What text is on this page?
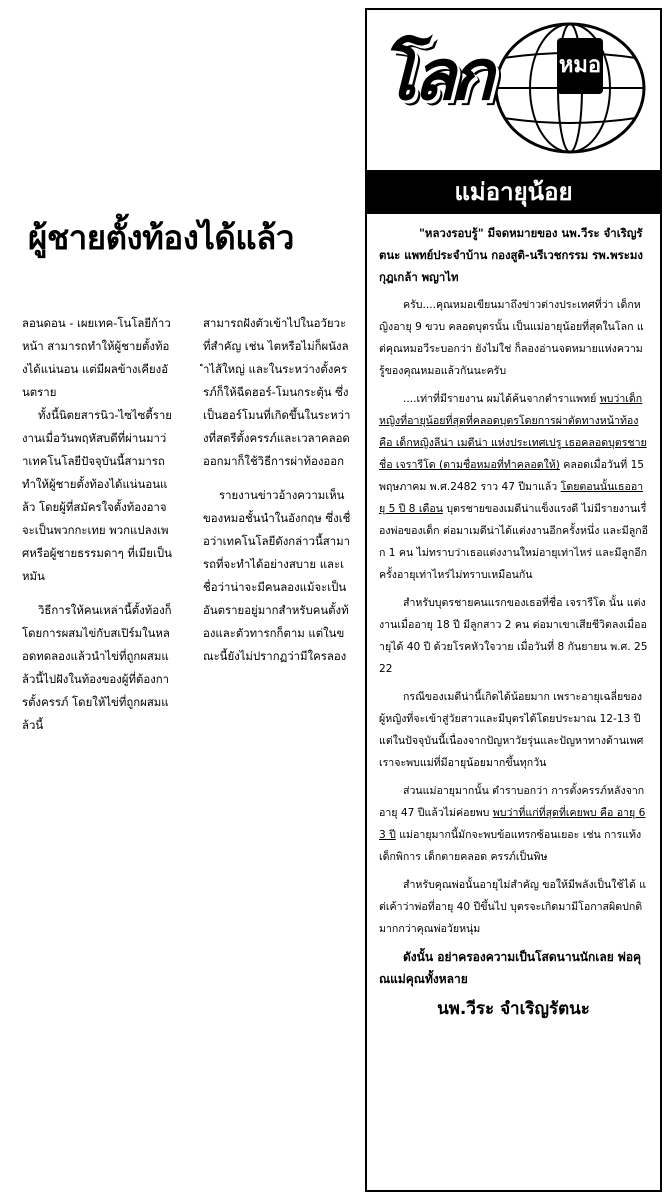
ผู้ชายตั้งท้องได้แล้ว

ลอนดอน - เผยเทค-โนโลยีก้าวหน้า สามารถทำให้ผู้ชายตั้งท้องได้แน่นอน แต่มีผลข้างเคียงอันตราย

ทั้งนี้นิตยสารนิว-ไซไซตี้รายงานเมื่อวันพฤหัสบดีที่ผ่านมาว่าเทคโนโลยีปัจจุบันนี้สามารถทำให้ผู้ชายตั้งท้องได้แน่นอนแล้ว โดยผู้ที่สมัครใจตั้งท้องอาจจะเป็นพวกกะเทย พวกแปลงเพศหรือผู้ชายธรรมดาๆ ที่เมียเป็นหมัน

วิธีการให้คนเหล่านี้ตั้งท้องก็โดยการผสมไข่กับสเปิร์มในหลอดทดลองแล้วนำไข่ที่ถูกผสมแล้วนี้ไปฝังในท้องของผู้ที่ต้องการตั้งครรภ์ โดยให้ไข่ที่ถูกผสมแล้วนี้

สามารถฝังตัวเข้าไปในอวัยวะที่สำคัญ เช่น ไตหรือไม่ก็ผนังลำไส้ใหญ่ และในระหว่างตั้งครรภ์ก็ให้ฉีดฮอร์-โมนกระตุ้น ซึ่งเป็นฮอร์โมนที่เกิดขึ้นในระหว่างที่สตรีตั้งครรภ์และเวลาคลอดออกมาก็ใช้วิธีการผ่าท้องออก

รายงานข่าวอ้างความเห็นของหมอชั้นนำในอังกฤษ ซึ่งเชื่อว่าเทคโนโลยีดังกล่าวนี้สามารถที่จะทำได้อย่างสบาย และเชื่อว่าน่าจะมีคนลองแม้จะเป็นอันตรายอยู่มากสำหรับคนตั้งท้องและตัวทารกก็ตาม แต่ในขณะนี้ยังไม่ปรากฏว่ามีใครลอง

โลก	หมอ
แม่อายุน้อย

"หลวงรอบรู้" มีจดหมายของ นพ.วีระ จำเริญรัตนะ แพทย์ประจำบ้าน กองสูติ-นรีเวชกรรม รพ.พระมงกุฎเกล้า พญาไท

ครับ....คุณหมอเขียนมาถึงข่าวต่างประเทศที่ว่า เด็กหญิงอายุ 9 ขวบ คลอดบุตรนั้น เป็นแม่อายุน้อยที่สุดในโลก แต่คุณหมอวีระบอกว่า ยังไม่ใช่ ก็ลองอ่านจดหมายแห่งความรู้ของคุณหมอแล้วกันนะครับ

....เท่าที่มีรายงาน ผมได้ค้นจากตำราแพทย์ พบว่าเด็กหญิงที่อายุน้อยที่สุดที่คลอดบุตรโดยการผ่าตัดทางหน้าท้อง คือ เด็กหญิงลีน่า เมดีน่า แห่งประเทศเปรู เธอคลอดบุตรชาย ชื่อ เจรารีโด (ตามชื่อหมอที่ทำคลอดให้) คลอดเมื่อวันที่ 15 พฤษภาคม พ.ศ.2482 ราว 47 ปีมาแล้ว โดยตอนนั้นเธออายุ 5 ปี 8 เดือน บุตรชายของเมดีน่าแข็งแรงดี ไม่มีรายงานเรื่องพ่อของเด็ก ต่อมาเมดีน่าได้แต่งงานอีกครั้งหนึ่ง และมีลูกอีก 1 คน ไม่ทราบว่าเธอแต่งงานใหม่อายุเท่าไหร่ และมีลูกอีกครั้งอายุเท่าไหร่ไม่ทราบเหมือนกัน

สำหรับบุตรชายคนแรกของเธอที่ชื่อ เจรารีโด นั้น แต่งงานเมื่ออายุ 18 ปี มีลูกสาว 2 คน ต่อมาเขาเสียชีวิตลงเมื่ออายุได้ 40 ปี ด้วยโรคหัวใจวาย เมื่อวันที่ 8 กันยายน พ.ศ. 2522

กรณีของเมดีน่านี้เกิดได้น้อยมาก เพราะอายุเฉลี่ยของผู้หญิงที่จะเข้าสู่วัยสาวและมีบุตรได้โดยประมาณ 12-13 ปี แต่ในปัจจุบันนี้เนื่องจากปัญหาวัยรุ่นและปัญหาทางด้านเพศ เราจะพบแม่ที่มีอายุน้อยมากขึ้นทุกวัน

ส่วนแม่อายุมากนั้น ตำราบอกว่า การตั้งครรภ์หลังจากอายุ 47 ปีแล้วไม่ค่อยพบ พบว่าที่แก่ที่สุดที่เคยพบ คือ อายุ 63 ปี แม่อายุมากนี้มักจะพบข้อแทรกซ้อนเยอะ เช่น การแท้ง เด็กพิการ เด็กตายคลอด ครรภ์เป็นพิษ

สำหรับคุณพ่อนั้นอายุไม่สำคัญ ขอให้มีพลังเป็นใช้ได้ แต่เค้าว่าพ่อที่อายุ 40 ปีขึ้นไป บุตรจะเกิดมามีโอกาสผิดปกติมากกว่าคุณพ่อวัยหนุ่ม

ดังนั้น อย่าครองความเป็นโสดนานนักเลย พ่อคุณแม่คุณทั้งหลาย

นพ.วีระ จำเริญรัตนะ
